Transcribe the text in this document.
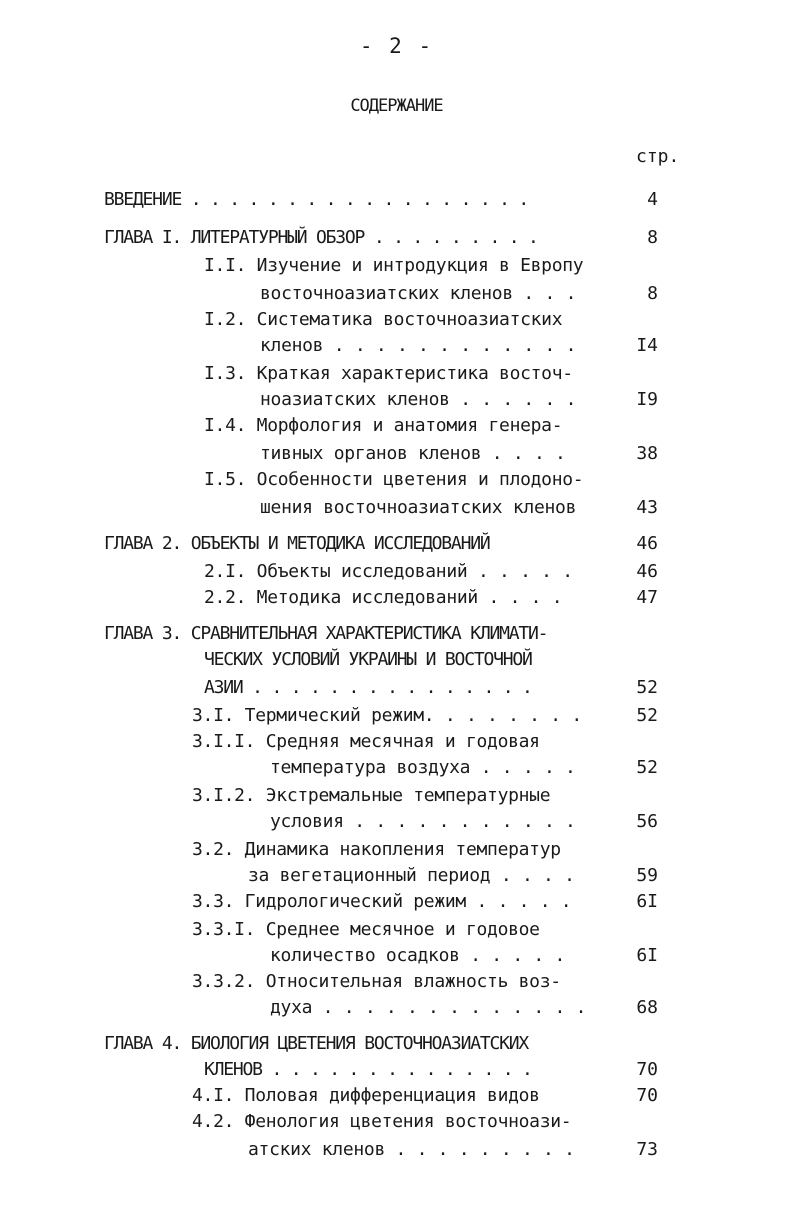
- 2 -
СОДЕРЖАНИЕ
стр.
ВВЕДЕНИЕ . . . . . . . . . . . . . . . . . .	4
ГЛАВА I. ЛИТЕРАТУРНЫЙ ОБЗОР . . . . . . . . .	8
I.I. Изучение и интродукция в Европу
восточноазиатских кленов . . .	8
I.2. Систематика восточноазиатских
кленов . . . . . . . . . . . .	I4
I.3. Краткая характеристика восточ-
ноазиатских кленов . . . . . .	I9
I.4. Морфология и анатомия генера-
тивных органов кленов . . . .	38
I.5. Особенности цветения и плодоно-
шения восточноазиатских кленов	43
ГЛАВА 2. ОБЪЕКТЫ И МЕТОДИКА ИССЛЕДОВАНИЙ	46
2.I. Объекты исследований . . . . .	46
2.2. Методика исследований . . . .	47
ГЛАВА 3. СРАВНИТЕЛЬНАЯ ХАРАКТЕРИСТИКА КЛИМАТИ-
ЧЕСКИХ УСЛОВИЙ УКРАИНЫ И ВОСТОЧНОЙ
АЗИИ . . . . . . . . . . . . . . .	52
3.I. Термический режим. . . . . . . .	52
3.I.I. Средняя месячная и годовая
температура воздуха . . . . .	52
3.I.2. Экстремальные температурные
условия . . . . . . . . . . .	56
3.2. Динамика накопления температур
за вегетационный период . . . .	59
3.3. Гидрологический режим . . . . .	6I
3.3.I. Среднее месячное и годовое
количество осадков . . . . .	6I
3.3.2. Относительная влажность воз-
духа . . . . . . . . . . . . .	68
ГЛАВА 4. БИОЛОГИЯ ЦВЕТЕНИЯ ВОСТОЧНОАЗИАТСКИХ
КЛЕНОВ . . . . . . . . . . . . . .	70
4.I. Половая дифференциация видов	70
4.2. Фенология цветения восточноази-
атских кленов . . . . . . . . .	73
